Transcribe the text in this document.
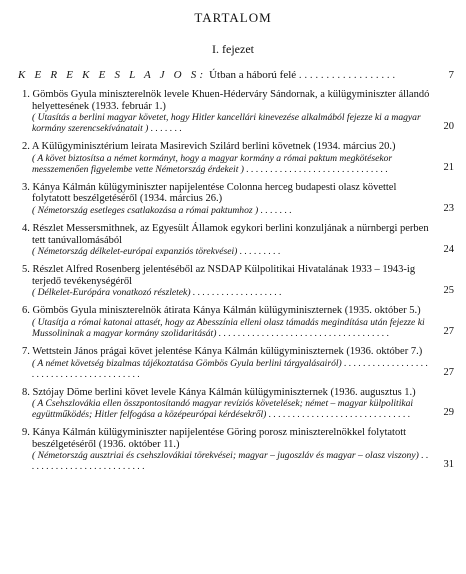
TARTALOM
I. fejezet
K E R E K E S L A J O S: Útban a háború felé . . . . . . . . . . . . . . . . . .	7
1. Gömbös Gyula miniszterelnök levele Khuen-Héderváry Sándornak, a külügyminiszter állandó helyettesének (1933. február 1.)
( Utasítás a berlini magyar követet, hogy Hitler kancellári kinevezése alkalmából fejezze ki a magyar kormány szerencsekívánatait ) . . . . . . .	20
2. A Külügyminisztérium leirata Masirevich Szilárd berlini követnek (1934. március 20.)
( A követ biztosítsa a német kormányt, hogy a magyar kormány a római paktum megkötésekor messzemenően figyelembe vette Németország érdekeit ) . . . . . . . . . . . . . . . . . . . . . . . . . . . . . .	21
3. Kánya Kálmán külügyminiszter napijelentése Colonna herceg budapesti olasz követtel folytatott beszélgetéséről (1934. március 26.)
( Németország esetleges csatlakozása a római paktumhoz ) . . . . . . .	23
4. Részlet Messersmithnek, az Egyesült Államok egykori berlini konzuljának a nürnbergi perben tett tanúvallomásából
( Németország délkelet-európai expanziós törekvései) . . . . . . . . .	24
5. Részlet Alfred Rosenberg jelentéséből az NSDAP Külpolitikai Hivatalának 1933 – 1943-ig terjedő tevékenységéről
( Délkelet-Európára vonatkozó részletek) . . . . . . . . . . . . . . . . . . .	25
6. Gömbös Gyula miniszterelnök átirata Kánya Kálmán külügyminiszternek (1935. október 5.)
( Utasítja a római katonai attasét, hogy az Abesszínia elleni olasz támadás megindítása után fejezze ki Mussolininak a magyar kormány szolidaritását) . . . . . . . . . . . . . . . . . . . . . . . . . . . . . . . . . . . .	27
7. Wettstein János prágai követ jelentése Kánya Kálmán külügyminiszternek (1936. október 7.)
( A német követség bizalmas tájékoztatása Gömbös Gyula berlini tárgyalásairól) . . . . . . . . . . . . . . . . . . . . . . . . . . . . . . . . . . . . . . . . .	27
8. Sztójay Döme berlini követ levele Kánya Kálmán külügyminiszternek (1936. augusztus 1.)
( A Csehszlovákia ellen összpontosítandó magyar revíziós követelések; német – magyar külpolitikai együttműködés; Hitler felfogása a középeurópai kérdésekről) . . . . . . . . . . . . . . . . . . . . . . . . . . . . . .	29
9. Kánya Kálmán külügyminiszter napijelentése Göring porosz miniszterelnökkel folytatott beszélgetéséről (1936. október 11.)
( Németország ausztriai és csehszlovákiai törekvései; magyar – jugoszláv és magyar – olasz viszony) . . . . . . . . . . . . . . . . . . . . . . . . . .	31
